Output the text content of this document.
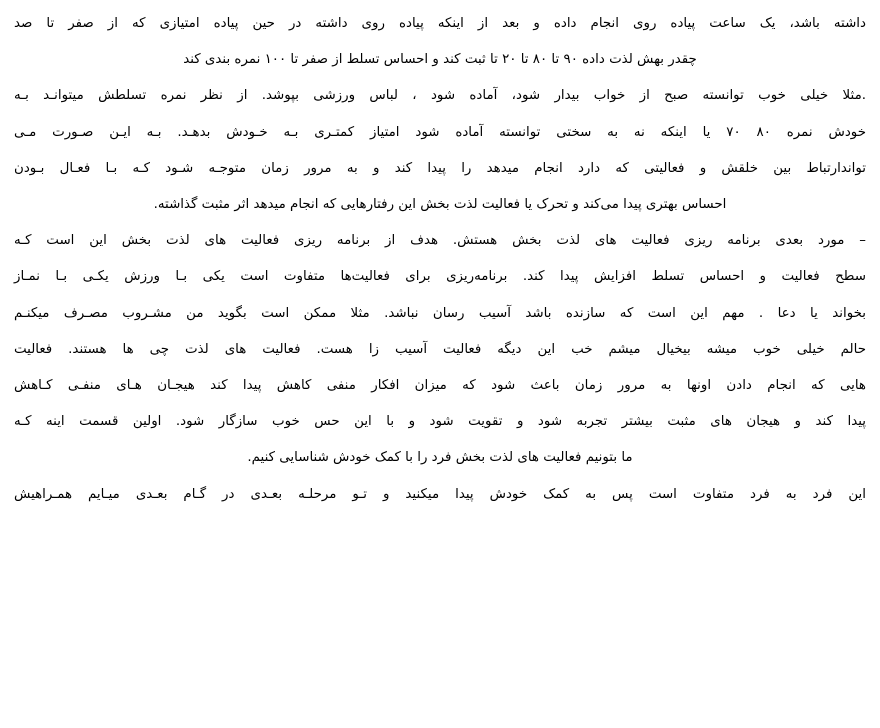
داشته باشد، یک ساعت پیاده روی انجام داده و بعد از اینکه پیاده روی داشته در حین پیاده امتیازی که از صفر تا صد
چقدر بهش لذت داده ۹۰ تا ۸۰ تا ۲۰ تا ثبت کند و احساس تسلط از صفر تا ۱۰۰ نمره بندی کند
.مثلا خیلی خوب توانسته صبح از خواب بیدار شود، آماده شود ، لباس ورزشی بپوشد. از نظر نمره تسلطش میتوانـد بـه
خودش نمره ۸۰ ۷۰ یا اینکه نه به سختی توانسته آماده شود امتیاز کمتـری بـه خـودش بدهـد. بـه ایـن صـورت مـی
تواندارتباط بین خلقش و فعالیتی که دارد انجام میدهد را پیدا کند و به مرور زمان متوجـه شـود کـه بـا فعـال بـودن
احساس بهتری پیدا می‌کند و تحرک یا فعالیت لذت بخش این رفتارهایی که انجام میدهد اثر مثبت گذاشته.
– مورد بعدی برنامه ریزی فعالیت های لذت بخش هستش. هدف از برنامه ریزی فعالیت های لذت بخش این است کـه
سطح فعالیت و احساس تسلط افزایش پیدا کند. برنامه‌ریزی برای فعالیت‌ها متفاوت است یکی بـا ورزش یکـی بـا نمـاز
بخواند یا دعا . مهم این است که سازنده باشد آسیب رسان نباشد. مثلا ممکن است بگوید من مشـروب مصـرف میکنـم
حالم خیلی خوب میشه بیخیال میشم خب این دیگه فعالیت آسیب زا هست. فعالیت های لذت چی ها هستند. فعالیت
هایی که انجام دادن اونها به مرور زمان باعث شود که میزان افکار منفی کاهش پیدا کند هیجـان هـای منفـی کـاهش
پیدا کند و هیجان های مثبت بیشتر تجربه شود و تقویت شود و با این حس خوب سازگار شود. اولین قسمت اینه کـه
ما بتونیم فعالیت های لذت بخش فرد را با کمک خودش شناسایی کنیم.
این فرد به فرد متفاوت است پس به کمک خودش پیدا میکنید و تـو مرحلـه بعـدی در گـام بعـدی میـایم همـراهیش
